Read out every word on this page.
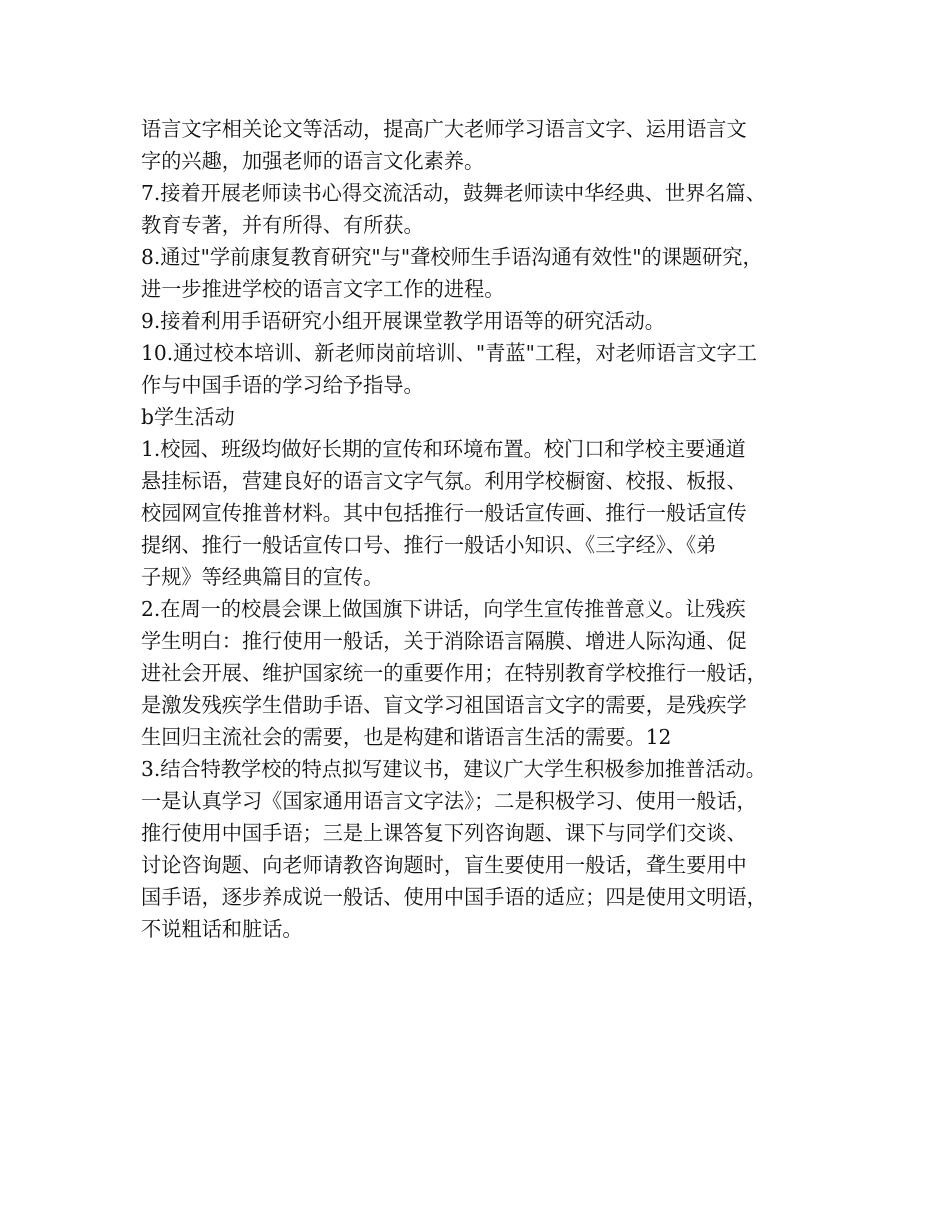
语言文字相关论文等活动，提高广大老师学习语言文字、运用语言文
字的兴趣，加强老师的语言文化素养。
7.接着开展老师读书心得交流活动，鼓舞老师读中华经典、世界名篇、
教育专著，并有所得、有所获。
8.通过"学前康复教育研究"与"聋校师生手语沟通有效性"的课题研究，
进一步推进学校的语言文字工作的进程。
9.接着利用手语研究小组开展课堂教学用语等的研究活动。
10.通过校本培训、新老师岗前培训、"青蓝"工程，对老师语言文字工
作与中国手语的学习给予指导。
b学生活动
1.校园、班级均做好长期的宣传和环境布置。校门口和学校主要通道
悬挂标语，营建良好的语言文字气氛。利用学校橱窗、校报、板报、
校园网宣传推普材料。其中包括推行一般话宣传画、推行一般话宣传
提纲、推行一般话宣传口号、推行一般话小知识、《三字经》、《弟
子规》等经典篇目的宣传。
2.在周一的校晨会课上做国旗下讲话，向学生宣传推普意义。让残疾
学生明白：推行使用一般话，关于消除语言隔膜、增进人际沟通、促
进社会开展、维护国家统一的重要作用；在特别教育学校推行一般话，
是激发残疾学生借助手语、盲文学习祖国语言文字的需要，是残疾学
生回归主流社会的需要，也是构建和谐语言生活的需要。12
3.结合特教学校的特点拟写建议书，建议广大学生积极参加推普活动。
一是认真学习《国家通用语言文字法》；二是积极学习、使用一般话，
推行使用中国手语；三是上课答复下列咨询题、课下与同学们交谈、
讨论咨询题、向老师请教咨询题时，盲生要使用一般话，聋生要用中
国手语，逐步养成说一般话、使用中国手语的适应；四是使用文明语，
不说粗话和脏话。
